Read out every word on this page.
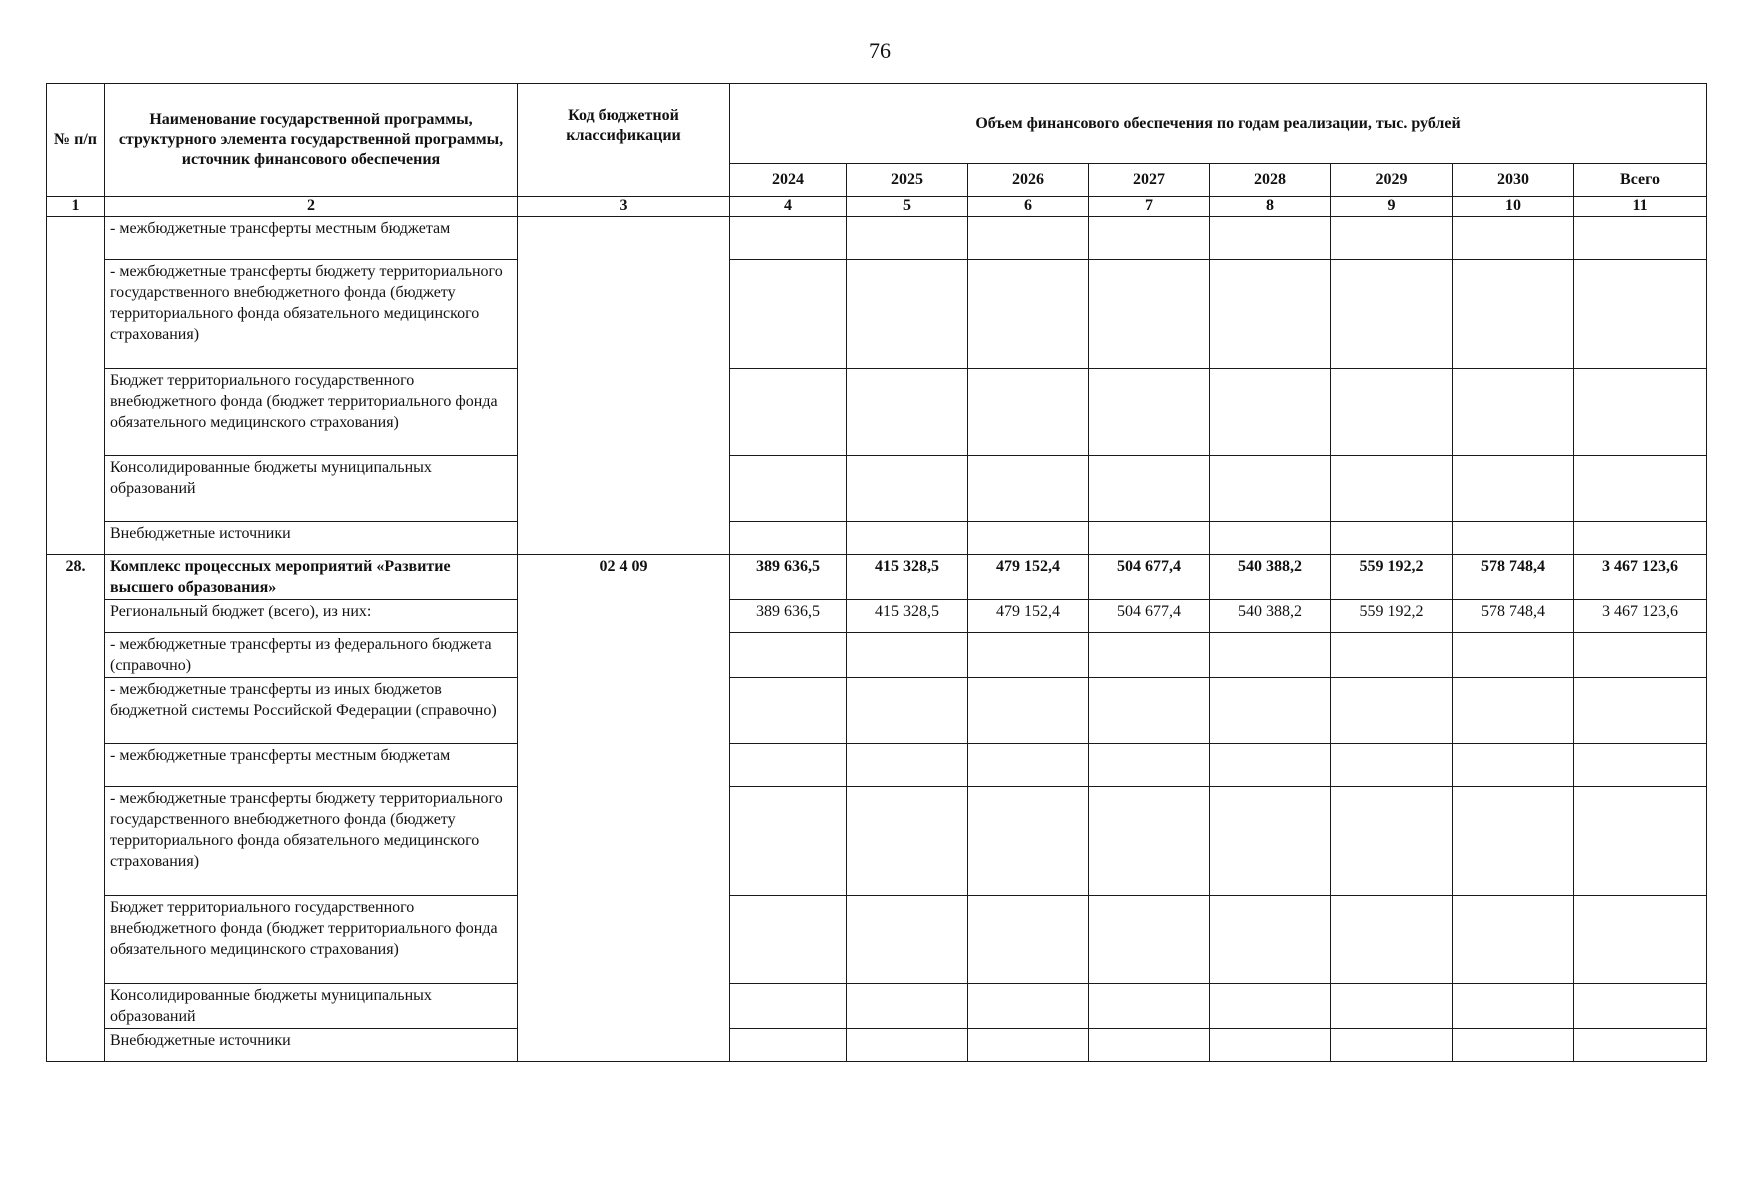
76
№ п/п	Наименование государственной программы, структурного элемента государственной программы, источник финансового обеспечения	Код бюджетной классификации	Объем финансового обеспечения по годам реализации, тыс. рублей							
			2024	2025	2026	2027	2028	2029	2030	Всего
1	2	3	4	5	6	7	8	9	10	11
	- межбюджетные трансферты местным бюджетам									
	- межбюджетные трансферты бюджету территориального государственного внебюджетного фонда (бюджету территориального фонда обязательного медицинского страхования)									
	Бюджет территориального государственного внебюджетного фонда (бюджет территориального фонда обязательного медицинского страхования)									
	Консолидированные бюджеты муниципальных образований									
	Внебюджетные источники									
28.	Комплекс процессных мероприятий «Развитие высшего образования»	02 4 09	389 636,5	415 328,5	479 152,4	504 677,4	540 388,2	559 192,2	578 748,4	3 467 123,6
	Региональный бюджет (всего), из них:		389 636,5	415 328,5	479 152,4	504 677,4	540 388,2	559 192,2	578 748,4	3 467 123,6
	- межбюджетные трансферты из федерального бюджета (справочно)									
	- межбюджетные трансферты из иных бюджетов бюджетной системы Российской Федерации (справочно)									
	- межбюджетные трансферты местным бюджетам									
	- межбюджетные трансферты бюджету территориального государственного внебюджетного фонда (бюджету территориального фонда обязательного медицинского страхования)									
	Бюджет территориального государственного внебюджетного фонда (бюджет территориального фонда обязательного медицинского страхования)									
	Консолидированные бюджеты муниципальных образований									
	Внебюджетные источники									
